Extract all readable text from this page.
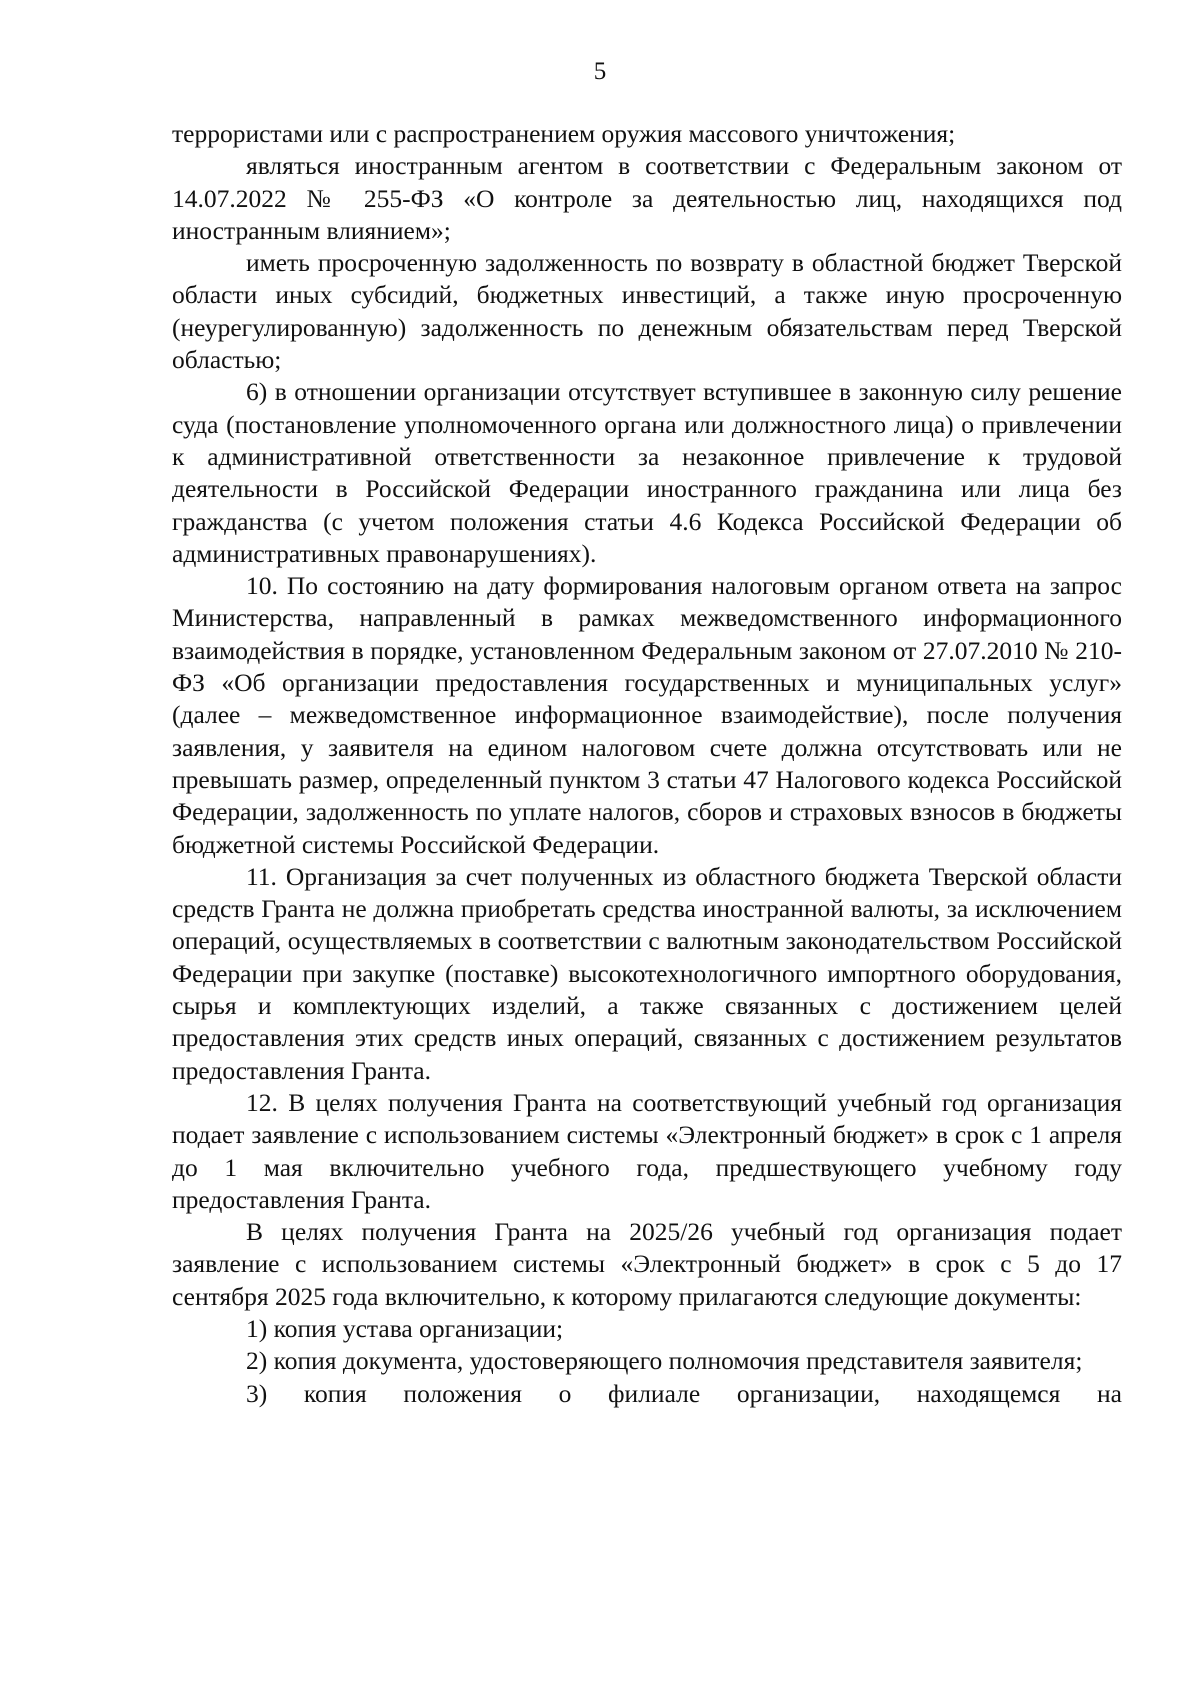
5

террористами или с распространением оружия массового уничтожения;

являться иностранным агентом в соответствии с Федеральным законом от 14.07.2022 № 255-ФЗ «О контроле за деятельностью лиц, находящихся под иностранным влиянием»;

иметь просроченную задолженность по возврату в областной бюджет Тверской области иных субсидий, бюджетных инвестиций, а также иную просроченную (неурегулированную) задолженность по денежным обязательствам перед Тверской областью;

6) в отношении организации отсутствует вступившее в законную силу решение суда (постановление уполномоченного органа или должностного лица) о привлечении к административной ответственности за незаконное привлечение к трудовой деятельности в Российской Федерации иностранного гражданина или лица без гражданства (с учетом положения статьи 4.6 Кодекса Российской Федерации об административных правонарушениях).

10. По состоянию на дату формирования налоговым органом ответа на запрос Министерства, направленный в рамках межведомственного информационного взаимодействия в порядке, установленном Федеральным законом от 27.07.2010 № 210-ФЗ «Об организации предоставления государственных и муниципальных услуг» (далее – межведомственное информационное взаимодействие), после получения заявления, у заявителя на едином налоговом счете должна отсутствовать или не превышать размер, определенный пунктом 3 статьи 47 Налогового кодекса Российской Федерации, задолженность по уплате налогов, сборов и страховых взносов в бюджеты бюджетной системы Российской Федерации.

11. Организация за счет полученных из областного бюджета Тверской области средств Гранта не должна приобретать средства иностранной валюты, за исключением операций, осуществляемых в соответствии с валютным законодательством Российской Федерации при закупке (поставке) высокотехнологичного импортного оборудования, сырья и комплектующих изделий, а также связанных с достижением целей предоставления этих средств иных операций, связанных с достижением результатов предоставления Гранта.

12. В целях получения Гранта на соответствующий учебный год организация подает заявление с использованием системы «Электронный бюджет» в срок с 1 апреля до 1 мая включительно учебного года, предшествующего учебному году предоставления Гранта.

В целях получения Гранта на 2025/26 учебный год организация подает заявление с использованием системы «Электронный бюджет» в срок с 5 до 17 сентября 2025 года включительно, к которому прилагаются следующие документы:

1) копия устава организации;

2) копия документа, удостоверяющего полномочия представителя заявителя;

3) копия положения о филиале организации, находящемся на
